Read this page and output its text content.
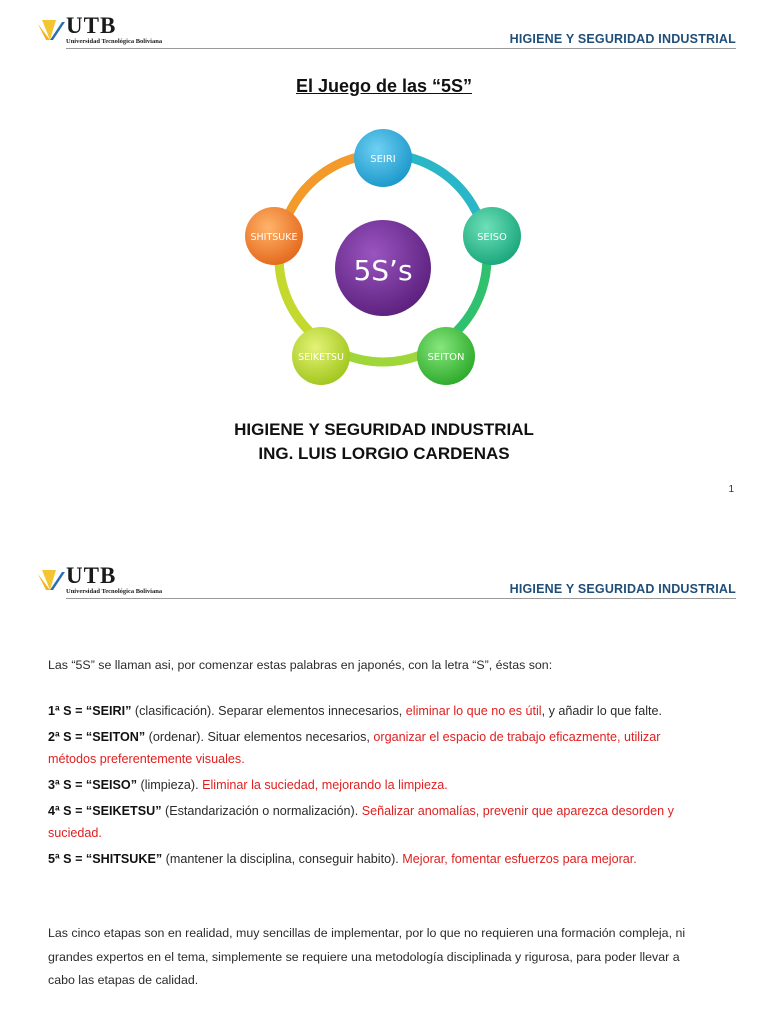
UTB
Universidad Tecnológica Boliviana	HIGIENE Y SEGURIDAD INDUSTRIAL
El Juego de las “5S”
5S’s
SEIRI
SEISO
SEITON
SEIKETSU
SHITSUKE
HIGIENE Y SEGURIDAD INDUSTRIAL
ING. LUIS LORGIO CARDENAS
1
UTB
Universidad Tecnológica Boliviana	HIGIENE Y SEGURIDAD INDUSTRIAL
Las “5S” se llaman asi, por comenzar estas palabras en japonés, con la letra “S”, éstas son:
1ª S = “SEIRI” (clasificación). Separar elementos innecesarios, eliminar lo que no es útil, y añadir lo que falte.
2ª S = “SEITON” (ordenar). Situar elementos necesarios, organizar el espacio de trabajo eficazmente, utilizar métodos preferentemente visuales.
3ª S = “SEISO” (limpieza). Eliminar la suciedad, mejorando la limpieza.
4ª S = “SEIKETSU” (Estandarización o normalización). Señalizar anomalías, prevenir que aparezca desorden y suciedad.
5ª S = “SHITSUKE” (mantener la disciplina, conseguir habito). Mejorar, fomentar esfuerzos para mejorar.
Las cinco etapas son en realidad, muy sencillas de implementar, por lo que no requieren una formación compleja, ni grandes expertos en el tema, simplemente se requiere una metodología disciplinada y rigurosa, para poder llevar a cabo las etapas de calidad.
